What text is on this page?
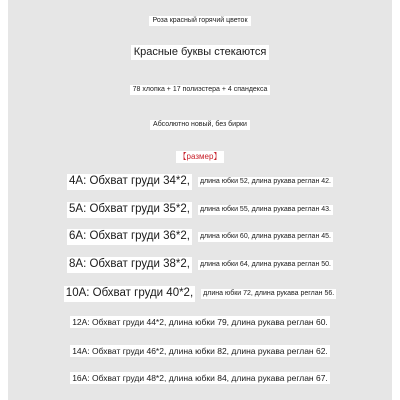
Роза красный горячий цветок
Красные буквы стекаются
78 хлопка + 17 полиэстера + 4 спандекса
Абсолютно новый, без бирки
【размер】
4A: Обхват груди 34*2, длина юбки 52, длина рукава реглан 42.
5A: Обхват груди 35*2, длина юбки 55, длина рукава реглан 43.
6A: Обхват груди 36*2, длина юбки 60, длина рукава реглан 45.
8A: Обхват груди 38*2, длина юбки 64, длина рукава реглан 50.
10A: Обхват груди 40*2, длина юбки 72, длина рукава реглан 56.
12A: Обхват груди 44*2, длина юбки 79, длина рукава реглан 60.
14A: Обхват груди 46*2, длина юбки 82, длина рукава реглан 62.
16A: Обхват груди 48*2, длина юбки 84, длина рукава реглан 67.
